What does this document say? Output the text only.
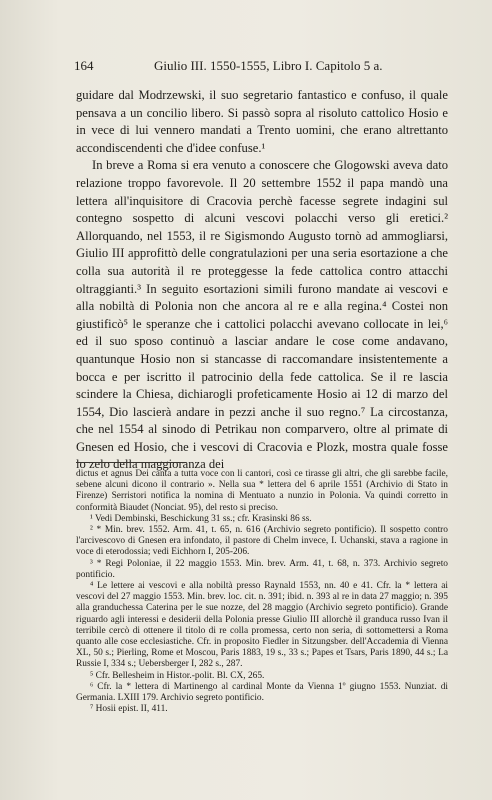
164	Giulio III. 1550-1555, Libro I. Capitolo 5 a.

guidare dal Modrzewski, il suo segretario fantastico e confuso, il quale pensava a un concilio libero. Si passò sopra al risoluto cattolico Hosio e in vece di lui vennero mandati a Trento uomini, che erano altrettanto accondiscendenti che d'idee confuse.¹

In breve a Roma si era venuto a conoscere che Glogowski aveva dato relazione troppo favorevole. Il 20 settembre 1552 il papa mandò una lettera all'inquisitore di Cracovia perchè facesse segrete indagini sul contegno sospetto di alcuni vescovi polacchi verso gli eretici.² Allorquando, nel 1553, il re Sigismondo Augusto tornò ad ammogliarsi, Giulio III approfittò delle congratulazioni per una seria esortazione a che colla sua autorità il re proteggesse la fede cattolica contro attacchi oltraggianti.³ In seguito esortazioni simili furono mandate ai vescovi e alla nobiltà di Polonia non che ancora al re e alla regina.⁴ Costei non giustificò⁵ le speranze che i cattolici polacchi avevano collocate in lei,⁶ ed il suo sposo continuò a lasciar andare le cose come andavano, quantunque Hosio non si stancasse di raccomandare insistentemente a bocca e per iscritto il patrocinio della fede cattolica. Se il re lascia scindere la Chiesa, dichiarogli profeticamente Hosio ai 12 di marzo del 1554, Dio lascierà andare in pezzi anche il suo regno.⁷ La circostanza, che nel 1554 al sinodo di Petrikau non comparvero, oltre al primate di Gnesen ed Hosio, che i vescovi di Cracovia e Plozk, mostra quale fosse lo zelo della maggioranza dei

dictus et agnus Dei canta a tutta voce con li cantori, così ce tirasse gli altri, che gli sarebbe facile, sebene alcuni dicono il contrario ». Nella sua * lettera del 6 aprile 1551 (Archivio di Stato in Firenze) Serristori notifica la nomina di Mentuato a nunzio in Polonia. Va quindi corretto in conformità Biaudet (Nonciat. 95), del resto si preciso.

¹ Vedi Dembinski, Beschickung 31 ss.; cfr. Krasinski 86 ss.

² * Min. brev. 1552. Arm. 41, t. 65, n. 616 (Archivio segreto pontificio). Il sospetto contro l'arcivescovo di Gnesen era infondato, il pastore di Chelm invece, I. Uchanski, stava a ragione in voce di eterodossia; vedi Eichhorn I, 205-206.

³ * Regi Poloniae, il 22 maggio 1553. Min. brev. Arm. 41, t. 68, n. 373. Archivio segreto pontificio.

⁴ Le lettere ai vescovi e alla nobiltà presso Raynald 1553, nn. 40 e 41. Cfr. la * lettera ai vescovi del 27 maggio 1553. Min. brev. loc. cit. n. 391; ibid. n. 393 al re in data 27 maggio; n. 395 alla granduchessa Caterina per le sue nozze, del 28 maggio (Archivio segreto pontificio). Grande riguardo agli interessi e desiderii della Polonia presse Giulio III allorchè il granduca russo Ivan il terribile cercò di ottenere il titolo di re colla promessa, certo non seria, di sottomettersi a Roma quanto alle cose ecclesiastiche. Cfr. in proposito Fiedler in Sitzungsber. dell'Accademia di Vienna XL, 50 s.; Pierling, Rome et Moscou, Paris 1883, 19 s., 33 s.; Papes et Tsars, Paris 1890, 44 s.; La Russie I, 334 s.; Uebersberger I, 282 s., 287.

⁵ Cfr. Bellesheim in Histor.-polit. Bl. CX, 265.

⁶ Cfr. la * lettera di Martinengo al cardinal Monte da Vienna 1º giugno 1553. Nunziat. di Germania. LXIII 179. Archivio segreto pontificio.

⁷ Hosii epist. II, 411.
